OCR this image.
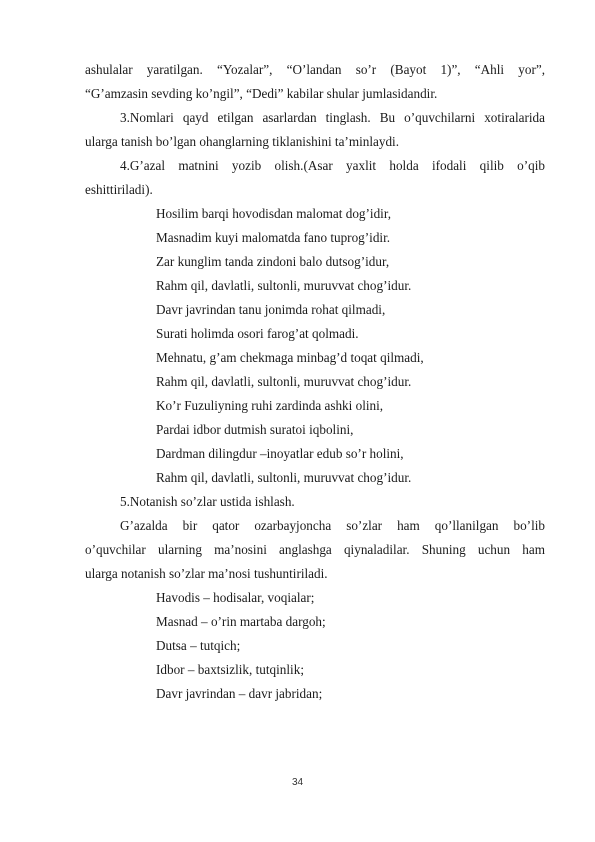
ashulalar yaratilgan. “Yozalar”, “O’landan so’r (Bayot 1)”, “Ahli yor”,
“G’amzasin sevding ko’ngil”, “Dedi” kabilar shular jumlasidandir.
3.Nomlari qayd etilgan asarlardan tinglash. Bu o’quvchilarni xotiralarida
ularga tanish bo’lgan ohanglarning tiklanishini ta’minlaydi.
4.G’azal matnini yozib olish.(Asar yaxlit holda ifodali qilib o’qib
eshittiriladi).
Hosilim barqi hovodisdan malomat dog’idir,
Masnadim kuyi malomatda fano tuprog’idir.
Zar kunglim tanda zindoni balo dutsog’idur,
Rahm qil, davlatli, sultonli, muruvvat chog’idur.
Davr javrindan tanu jonimda rohat qilmadi,
Surati holimda osori farog’at qolmadi.
Mehnatu, g’am chekmaga minbag’d toqat qilmadi,
Rahm qil, davlatli, sultonli, muruvvat chog’idur.
Ko’r Fuzuliyning ruhi zardinda ashki olini,
Pardai idbor dutmish suratoi iqbolini,
Dardman dilingdur –inoyatlar edub so’r holini,
Rahm qil, davlatli, sultonli, muruvvat chog’idur.
5.Notanish so’zlar ustida ishlash.
G’azalda bir qator ozarbayjoncha so’zlar ham qo’llanilgan bo’lib
o’quvchilar ularning ma’nosini anglashga qiynaladilar. Shuning uchun ham
ularga notanish so’zlar ma’nosi tushuntiriladi.
Havodis – hodisalar, voqialar;
Masnad – o’rin martaba dargoh;
Dutsa – tutqich;
Idbor – baxtsizlik, tutqinlik;
Davr javrindan – davr jabridan;
34
